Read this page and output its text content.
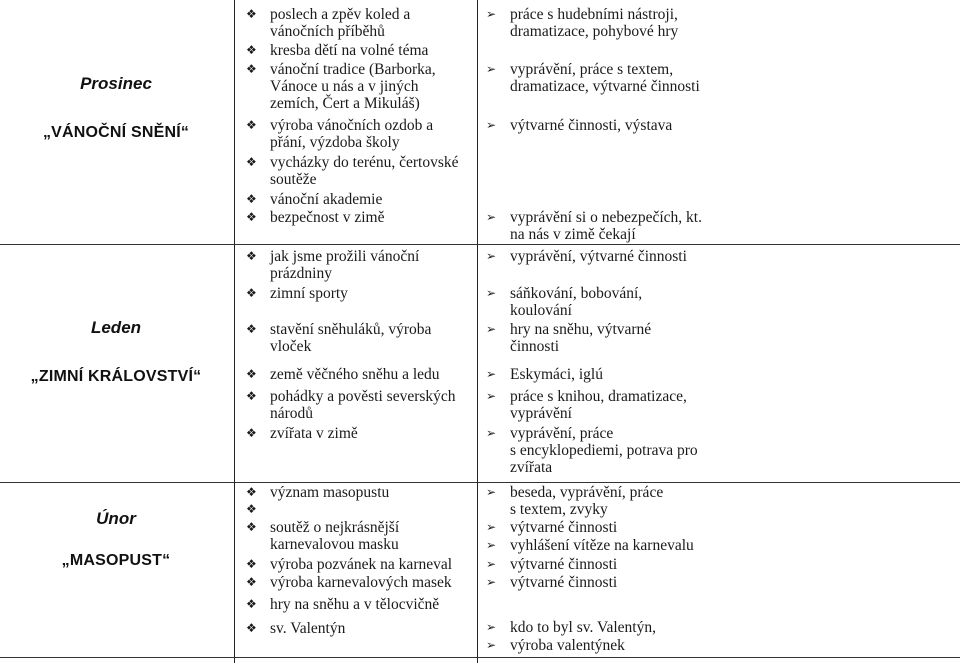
Prosinec
„VÁNOČNÍ SNĚNÍ“
❖ poslech a zpěv koled a
vánočních příběhů
❖ kresba dětí na volné téma
❖ vánoční tradice (Barborka,
Vánoce u nás a v jiných
zemích, Čert a Mikuláš)
❖ výroba vánočních ozdob a
přání, výzdoba školy
❖ vycházky do terénu, čertovské
soutěže
❖ vánoční akademie
❖ bezpečnost v zimě
➢ práce s hudebními nástroji,
dramatizace, pohybové hry
➢ vyprávění, práce s textem,
dramatizace, výtvarné činnosti
➢ výtvarné činnosti, výstava
➢ vyprávění si o nebezpečích, kt.
na nás v zimě čekají
Leden
„ZIMNÍ KRÁLOVSTVÍ“
❖ jak jsme prožili vánoční
prázdniny
❖ zimní sporty
❖ stavění sněhuláků, výroba
vloček
❖ země věčného sněhu a ledu
❖ pohádky a pověsti severských
národů
❖ zvířata v zimě
➢ vyprávění, výtvarné činnosti
➢ sáňkování, bobování,
koulování
➢ hry na sněhu, výtvarné
činnosti
➢ Eskymáci, iglú
➢ práce s knihou, dramatizace,
vyprávění
➢ vyprávění, práce
s encyklopediemi, potrava pro
zvířata
Únor
„MASOPUST“
❖ význam masopustu
❖
❖ soutěž o nejkrásnější
karnevalovou masku
❖ výroba pozvánek na karneval
❖ výroba karnevalových masek
❖ hry na sněhu a v tělocvičně
❖ sv. Valentýn
➢ beseda, vyprávění, práce
s textem, zvyky
➢ výtvarné činnosti
➢ vyhlášení vítěze na karnevalu
➢ výtvarné činnosti
➢ výtvarné činnosti
➢ kdo to byl sv. Valentýn,
➢ výroba valentýnek
